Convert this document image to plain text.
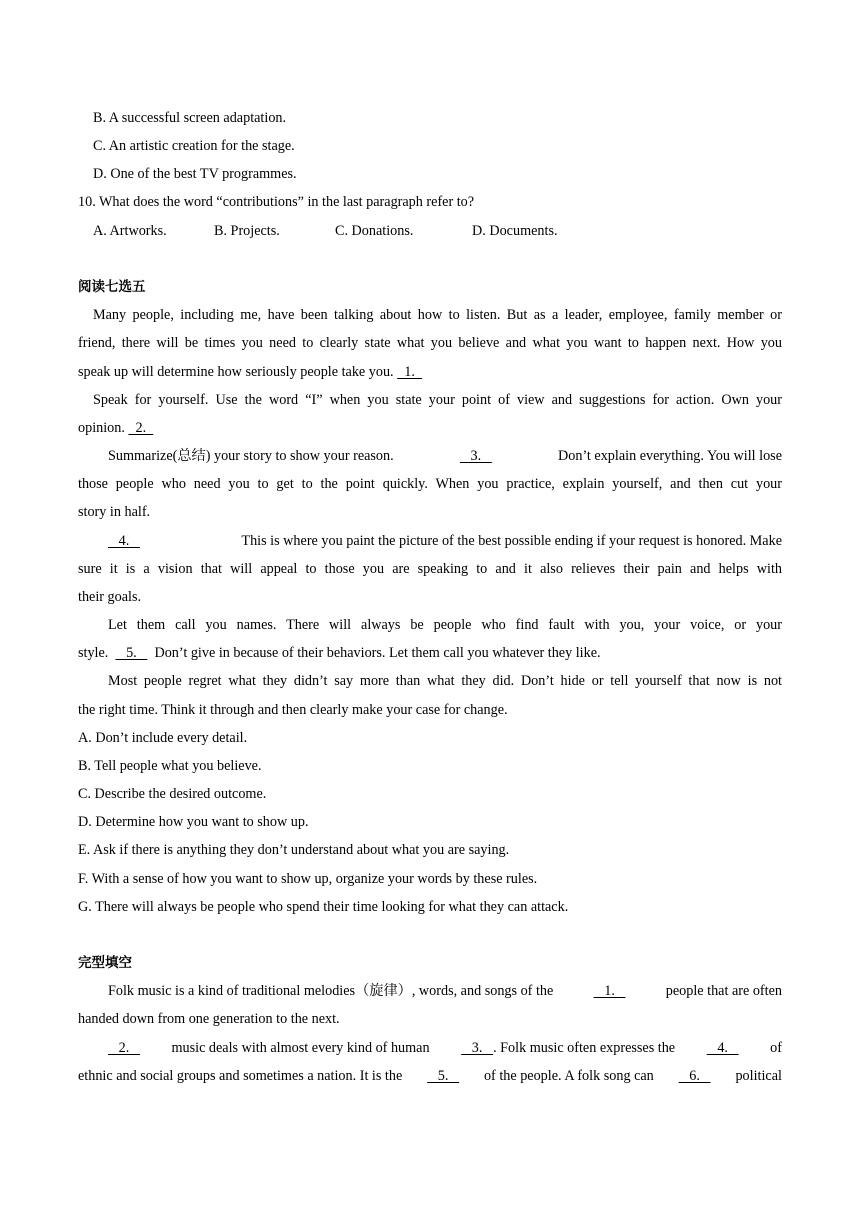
B. A successful screen adaptation.
C. An artistic creation for the stage.
D. One of the best TV programmes.
10. What does the word “contributions” in the last paragraph refer to?
A. Artworks.	B. Projects.	C. Donations.	D. Documents.
阅读七选五
Many people, including me, have been talking about how to listen. But as a leader, employee, family member or
friend, there will be times you need to clearly state what you believe and what you want to happen next. How you
speak up will determine how seriously people take you.   1.
Speak for yourself. Use the word “I” when you state your point of view and suggestions for action. Own your
opinion.   2.
Summarize(总结) your story to show your reason.	3.	Don’t explain everything. You will lose
those people who need you to get to the point quickly. When you practice, explain yourself, and then cut your
story in half.
4.	This is where you paint the picture of the best possible ending if your request is honored. Make
sure it is a vision that will appeal to those you are speaking to and it also relieves their pain and helps with
their goals.
Let them call you names. There will always be people who find fault with you, your voice, or your
style.     5.     Don’t give in because of their behaviors. Let them call you whatever they like.
Most people regret what they didn’t say more than what they did. Don’t hide or tell yourself that now is not
the right time. Think it through and then clearly make your case for change.
A. Don’t include every detail.
B. Tell people what you believe.
C. Describe the desired outcome.
D. Determine how you want to show up.
E. Ask if there is anything they don’t understand about what you are saying.
F. With a sense of how you want to show up, organize your words by these rules.
G. There will always be people who spend their time looking for what they can attack.
完型填空
Folk music is a kind of traditional melodies（旋律）, words, and songs of the	1.	people that are often
handed down from one generation to the next.
2. music deals with almost every kind of human 3. . Folk music often expresses the 4. of
ethnic and social groups and sometimes a nation. It is the 5. of the people. A folk song can 6. political
